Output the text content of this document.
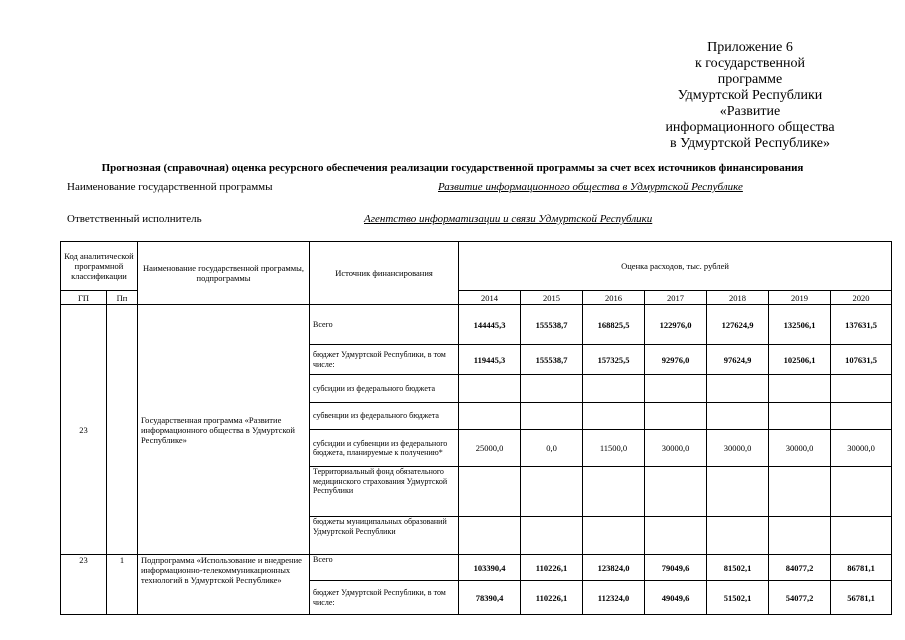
Приложение 6
к государственной
программе
Удмуртской Республики
«Развитие
информационного общества
в Удмуртской Республике»
Прогнозная (справочная) оценка ресурсного обеспечения реализации государственной программы за счет всех источников финансирования
Наименование государственной программы	Развитие информационного общества в Удмуртской Республике
Ответственный исполнитель	Агентство информатизации и связи Удмуртской Республики
Код аналитической программной классификации		Наименование государственной программы, подпрограммы	Источник финансирования	Оценка расходов, тыс. рублей						
ГП	Пп			2014	2015	2016	2017	2018	2019	2020
23		Государственная программа «Развитие информационного общества в Удмуртской Республике»	Всего	144445,3	155538,7	168825,5	122976,0	127624,9	132506,1	137631,5
			бюджет Удмуртской Республики, в том числе:	119445,3	155538,7	157325,5	92976,0	97624,9	102506,1	107631,5
			субсидии из федерального бюджета							
			субвенции из федерального бюджета							
			субсидии и субвенции из федерального бюджета, планируемые к получению*	25000,0	0,0	11500,0	30000,0	30000,0	30000,0	30000,0
			Территориальный фонд обязательного медицинского страхования Удмуртской Республики							
			бюджеты муниципальных образований Удмуртской Республики							
23	1	Подпрограмма «Использование и внедрение информационно-телекоммуникационных технологий в Удмуртской Республике»	Всего	103390,4	110226,1	123824,0	79049,6	81502,1	84077,2	86781,1
			бюджет Удмуртской Республики, в том числе:	78390,4	110226,1	112324,0	49049,6	51502,1	54077,2	56781,1
